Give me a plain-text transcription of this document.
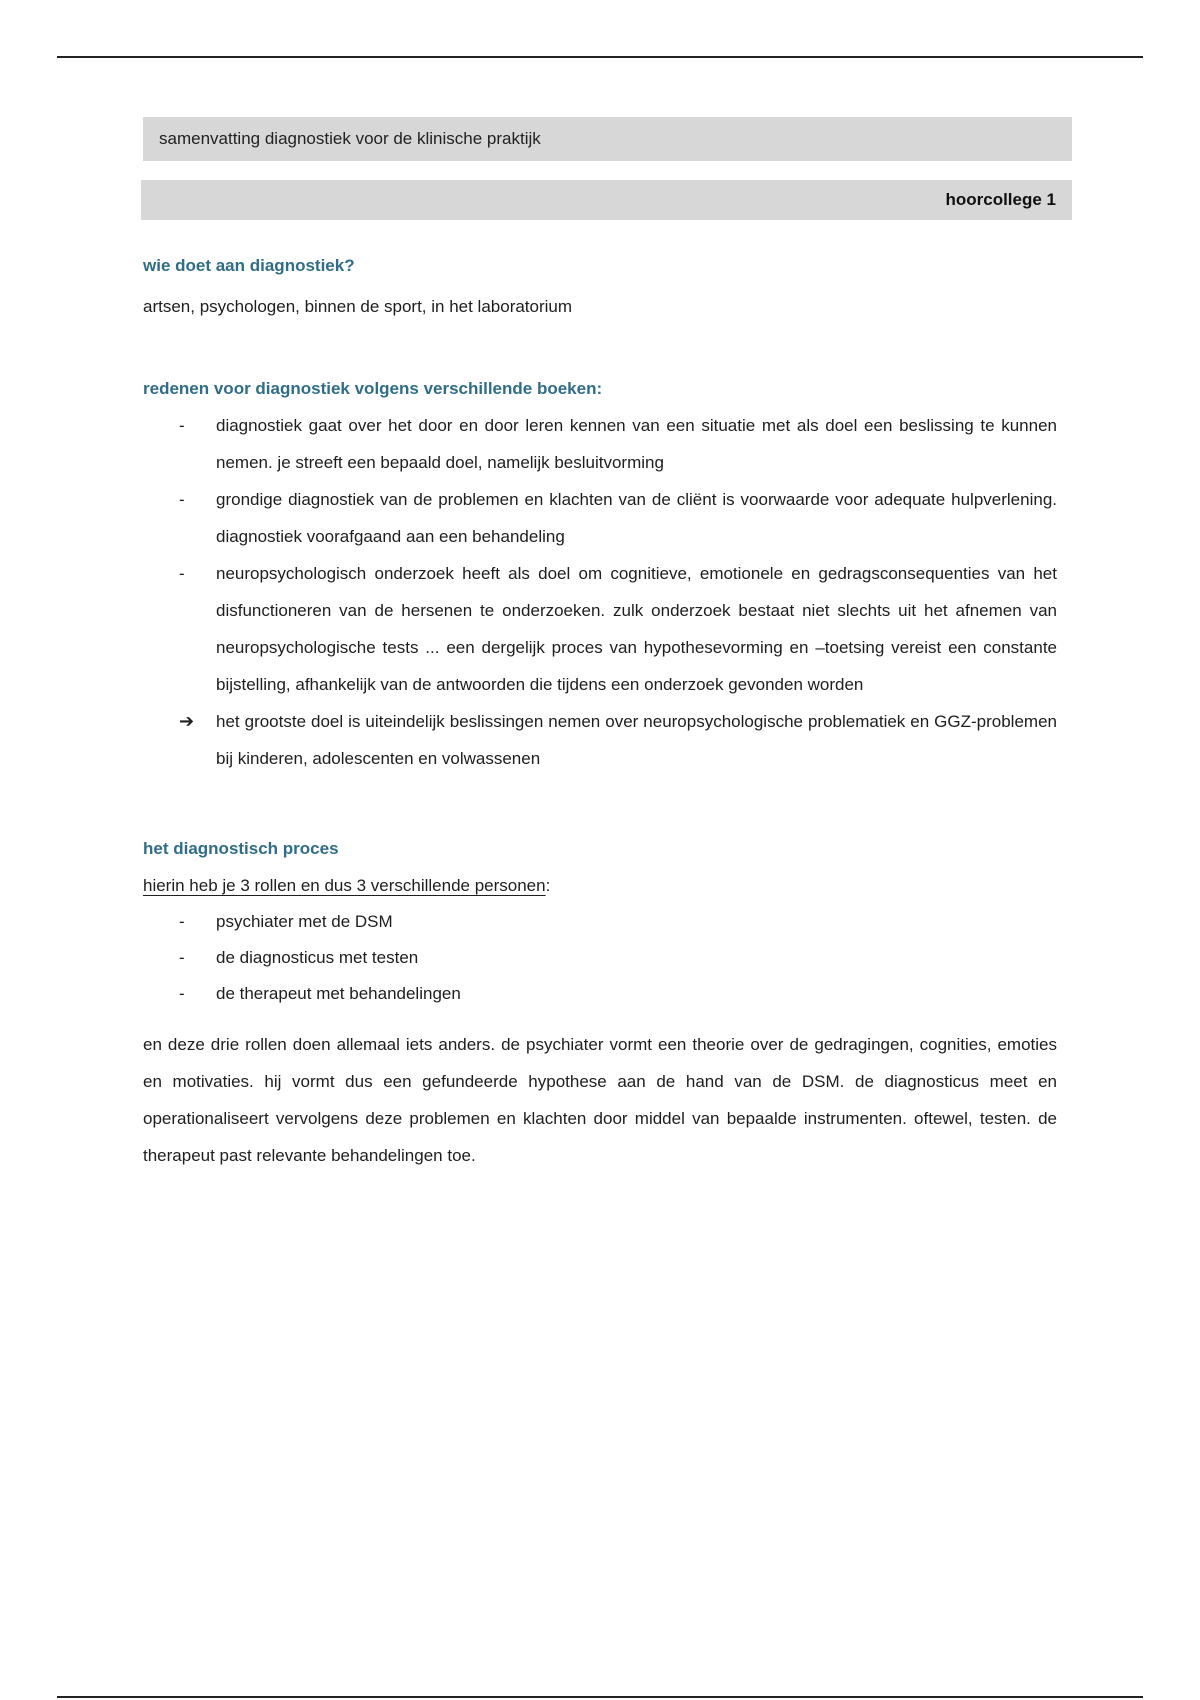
samenvatting diagnostiek voor de klinische praktijk
hoorcollege 1
wie doet aan diagnostiek?

artsen, psychologen, binnen de sport, in het laboratorium

redenen voor diagnostiek volgens verschillende boeken:
-	diagnostiek gaat over het door en door leren kennen van een situatie met als doel een beslissing te kunnen nemen. je streeft een bepaald doel, namelijk besluitvorming
-	grondige diagnostiek van de problemen en klachten van de cliënt is voorwaarde voor adequate hulpverlening. diagnostiek voorafgaand aan een behandeling
-	neuropsychologisch onderzoek heeft als doel om cognitieve, emotionele en gedragsconsequenties van het disfunctioneren van de hersenen te onderzoeken. zulk onderzoek bestaat niet slechts uit het afnemen van neuropsychologische tests ... een dergelijk proces van hypothesevorming en –toetsing vereist een constante bijstelling, afhankelijk van de antwoorden die tijdens een onderzoek gevonden worden
➔ het grootste doel is uiteindelijk beslissingen nemen over neuropsychologische problematiek en GGZ-problemen bij kinderen, adolescenten en volwassenen
het diagnostisch proces
hierin heb je 3 rollen en dus 3 verschillende personen:
- psychiater met de DSM
- de diagnosticus met testen
- de therapeut met behandelingen

en deze drie rollen doen allemaal iets anders. de psychiater vormt een theorie over de gedragingen, cognities, emoties en motivaties. hij vormt dus een gefundeerde hypothese aan de hand van de DSM. de diagnosticus meet en operationaliseert vervolgens deze problemen en klachten door middel van bepaalde instrumenten. oftewel, testen. de therapeut past relevante behandelingen toe.
